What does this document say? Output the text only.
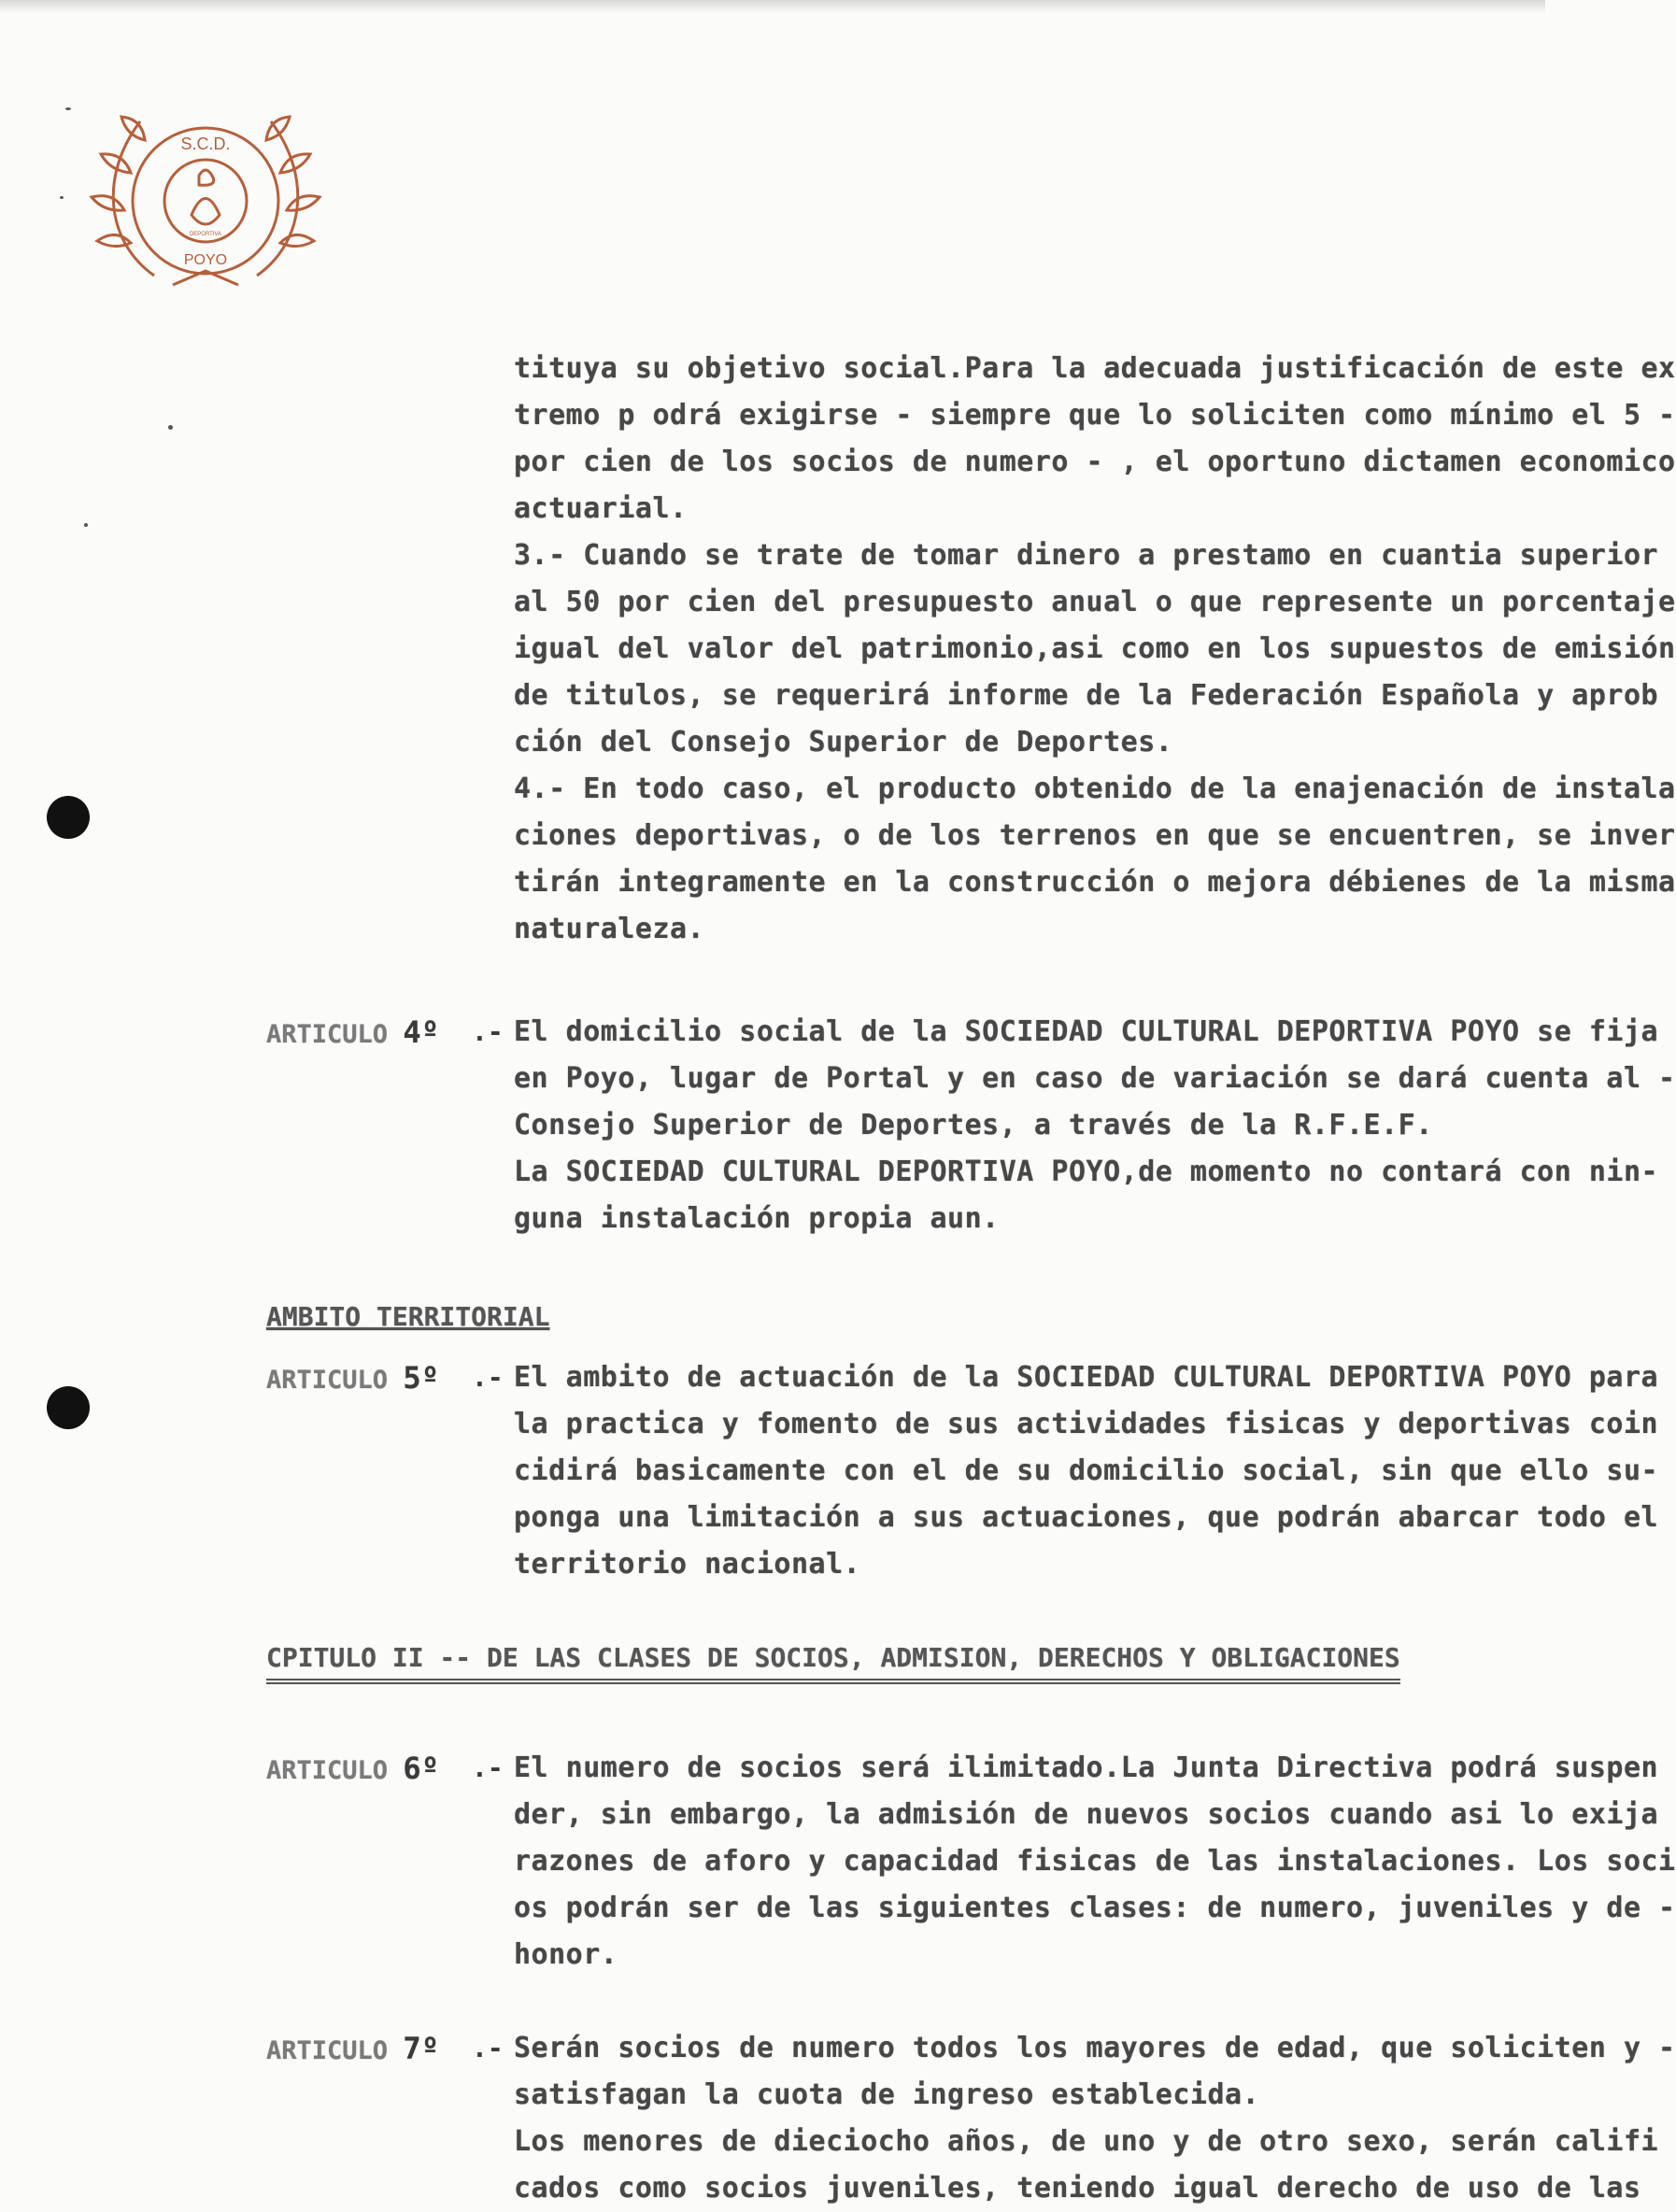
S.C.D.
POYO
DEPORTIVA
tituya su objetivo social.Para la adecuada justificación de este ex
tremo p odrá exigirse - siempre que lo soliciten como mínimo el 5 -
por cien de los socios de numero - , el oportuno dictamen economico
actuarial.
3.- Cuando se trate de tomar dinero a prestamo en cuantia superior
al 50 por cien del presupuesto anual o que represente un porcentaje
igual del valor del patrimonio,asi como en los supuestos de emisión
de titulos, se requerirá informe de la Federación Española y aprob
ción del Consejo Superior de Deportes.
4.- En todo caso, el producto obtenido de la enajenación de instala
ciones deportivas, o de los terrenos en que se encuentren, se inver
tirán integramente en la construcción o mejora débienes de la misma
naturaleza.
ARTICULO 4º .- El domicilio social de la SOCIEDAD CULTURAL DEPORTIVA POYO se fija
en Poyo, lugar de Portal y en caso de variación se dará cuenta al -
Consejo Superior de Deportes, a través de la R.F.E.F.
La SOCIEDAD CULTURAL DEPORTIVA POYO,de momento no contará con nin-
guna instalación propia aun.
AMBITO TERRITORIAL
ARTICULO 5º .- El ambito de actuación de la SOCIEDAD CULTURAL DEPORTIVA POYO para
la practica y fomento de sus actividades fisicas y deportivas coin
cidirá basicamente con el de su domicilio social, sin que ello su-
ponga una limitación a sus actuaciones, que podrán abarcar todo el
territorio nacional.
CPITULO II -- DE LAS CLASES DE SOCIOS, ADMISION, DERECHOS Y OBLIGACIONES
ARTICULO 6º .- El numero de socios será ilimitado.La Junta Directiva podrá suspen
der, sin embargo, la admisión de nuevos socios cuando asi lo exija
razones de aforo y capacidad fisicas de las instalaciones. Los soci
os podrán ser de las siguientes clases: de numero, juveniles y de -
honor.
ARTICULO 7º .- Serán socios de numero todos los mayores de edad, que soliciten y -
satisfagan la cuota de ingreso establecida.
Los menores de dieciocho años, de uno y de otro sexo, serán califi
cados como socios juveniles, teniendo igual derecho de uso de las
